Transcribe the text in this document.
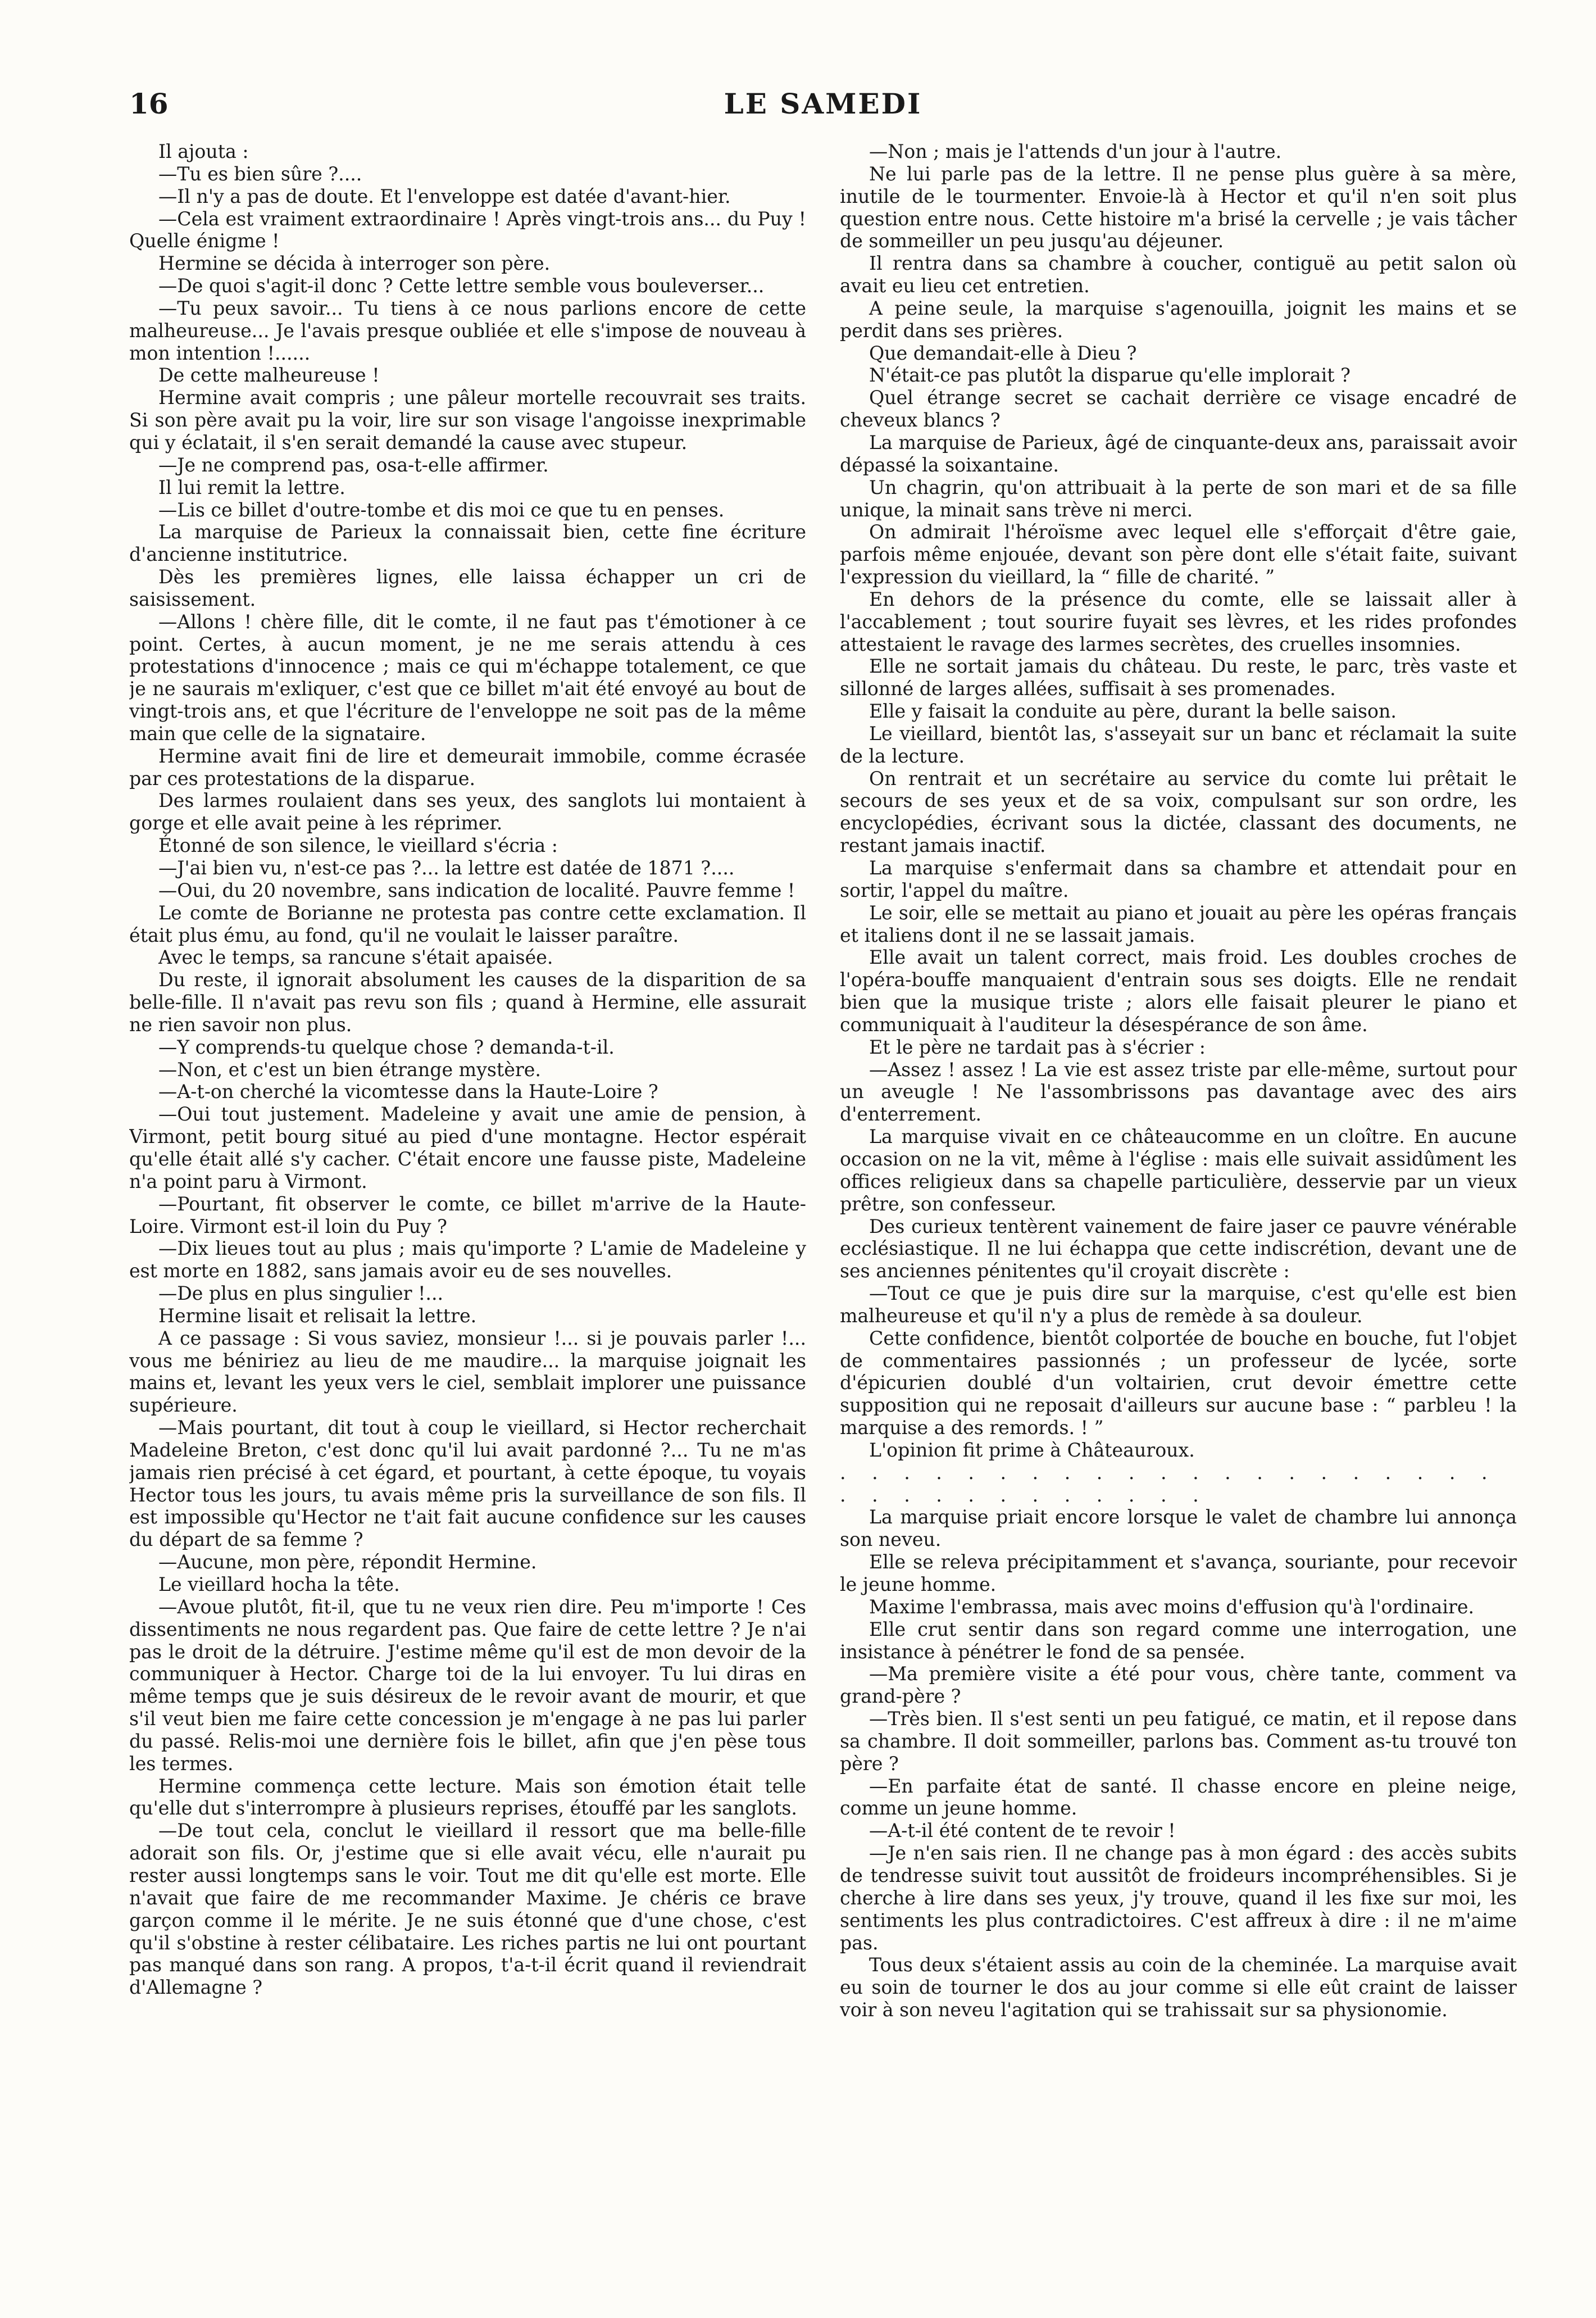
16	LE SAMEDI

Il ajouta :

—Tu es bien sûre ?....

—Il n'y a pas de doute. Et l'enveloppe est datée d'avant-hier.

—Cela est vraiment extraordinaire ! Après vingt-trois ans... du Puy ! Quelle énigme !

Hermine se décida à interroger son père.

—De quoi s'agit-il donc ? Cette lettre semble vous bouleverser...

—Tu peux savoir... Tu tiens à ce nous parlions encore de cette malheureuse... Je l'avais presque oubliée et elle s'impose de nouveau à mon intention !......

De cette malheureuse !

Hermine avait compris ; une pâleur mortelle recouvrait ses traits. Si son père avait pu la voir, lire sur son visage l'angoisse inexprimable qui y éclatait, il s'en serait demandé la cause avec stupeur.

—Je ne comprend pas, osa-t-elle affirmer.

Il lui remit la lettre.

—Lis ce billet d'outre-tombe et dis moi ce que tu en penses.

La marquise de Parieux la connaissait bien, cette fine écriture d'ancienne institutrice.

Dès les premières lignes, elle laissa échapper un cri de saisissement.

—Allons ! chère fille, dit le comte, il ne faut pas t'émotioner à ce point. Certes, à aucun moment, je ne me serais attendu à ces protestations d'innocence ; mais ce qui m'échappe totalement, ce que je ne saurais m'exliquer, c'est que ce billet m'ait été envoyé au bout de vingt-trois ans, et que l'écriture de l'enveloppe ne soit pas de la même main que celle de la signataire.

Hermine avait fini de lire et demeurait immobile, comme écrasée par ces protestations de la disparue.

Des larmes roulaient dans ses yeux, des sanglots lui montaient à gorge et elle avait peine à les réprimer.

Étonné de son silence, le vieillard s'écria :

—J'ai bien vu, n'est-ce pas ?... la lettre est datée de 1871 ?....

—Oui, du 20 novembre, sans indication de localité. Pauvre femme !

Le comte de Borianne ne protesta pas contre cette exclamation. Il était plus ému, au fond, qu'il ne voulait le laisser paraître.

Avec le temps, sa rancune s'était apaisée.

Du reste, il ignorait absolument les causes de la disparition de sa belle-fille. Il n'avait pas revu son fils ; quand à Hermine, elle assurait ne rien savoir non plus.

—Y comprends-tu quelque chose ? demanda-t-il.

—Non, et c'est un bien étrange mystère.

—A-t-on cherché la vicomtesse dans la Haute-Loire ?

—Oui tout justement. Madeleine y avait une amie de pension, à Virmont, petit bourg situé au pied d'une montagne. Hector espérait qu'elle était allé s'y cacher. C'était encore une fausse piste, Madeleine n'a point paru à Virmont.

—Pourtant, fit observer le comte, ce billet m'arrive de la Haute-Loire. Virmont est-il loin du Puy ?

—Dix lieues tout au plus ; mais qu'importe ? L'amie de Madeleine y est morte en 1882, sans jamais avoir eu de ses nouvelles.

—De plus en plus singulier !...

Hermine lisait et relisait la lettre.

A ce passage : Si vous saviez, monsieur !... si je pouvais parler !... vous me béniriez au lieu de me maudire... la marquise joignait les mains et, levant les yeux vers le ciel, semblait implorer une puissance supérieure.

—Mais pourtant, dit tout à coup le vieillard, si Hector recherchait Madeleine Breton, c'est donc qu'il lui avait pardonné ?... Tu ne m'as jamais rien précisé à cet égard, et pourtant, à cette époque, tu voyais Hector tous les jours, tu avais même pris la surveillance de son fils. Il est impossible qu'Hector ne t'ait fait aucune confidence sur les causes du départ de sa femme ?

—Aucune, mon père, répondit Hermine.

Le vieillard hocha la tête.

—Avoue plutôt, fit-il, que tu ne veux rien dire. Peu m'importe ! Ces dissentiments ne nous regardent pas. Que faire de cette lettre ? Je n'ai pas le droit de la détruire. J'estime même qu'il est de mon devoir de la communiquer à Hector. Charge toi de la lui envoyer. Tu lui diras en même temps que je suis désireux de le revoir avant de mourir, et que s'il veut bien me faire cette concession je m'engage à ne pas lui parler du passé. Relis-moi une dernière fois le billet, afin que j'en pèse tous les termes.

Hermine commença cette lecture. Mais son émotion était telle qu'elle dut s'interrompre à plusieurs reprises, étouffé par les sanglots.

—De tout cela, conclut le vieillard il ressort que ma belle-fille adorait son fils. Or, j'estime que si elle avait vécu, elle n'aurait pu rester aussi longtemps sans le voir. Tout me dit qu'elle est morte. Elle n'avait que faire de me recommander Maxime. Je chéris ce brave garçon comme il le mérite. Je ne suis étonné que d'une chose, c'est qu'il s'obstine à rester célibataire. Les riches partis ne lui ont pourtant pas manqué dans son rang. A propos, t'a-t-il écrit quand il reviendrait d'Allemagne ?

—Non ; mais je l'attends d'un jour à l'autre.

Ne lui parle pas de la lettre. Il ne pense plus guère à sa mère, inutile de le tourmenter. Envoie-là à Hector et qu'il n'en soit plus question entre nous. Cette histoire m'a brisé la cervelle ; je vais tâcher de sommeiller un peu jusqu'au déjeuner.

Il rentra dans sa chambre à coucher, contiguë au petit salon où avait eu lieu cet entretien.

A peine seule, la marquise s'agenouilla, joignit les mains et se perdit dans ses prières.

Que demandait-elle à Dieu ?

N'était-ce pas plutôt la disparue qu'elle implorait ?

Quel étrange secret se cachait derrière ce visage encadré de cheveux blancs ?

La marquise de Parieux, âgé de cinquante-deux ans, paraissait avoir dépassé la soixantaine.

Un chagrin, qu'on attribuait à la perte de son mari et de sa fille unique, la minait sans trève ni merci.

On admirait l'héroïsme avec lequel elle s'efforçait d'être gaie, parfois même enjouée, devant son père dont elle s'était faite, suivant l'expression du vieillard, la “ fille de charité. ”

En dehors de la présence du comte, elle se laissait aller à l'accablement ; tout sourire fuyait ses lèvres, et les rides profondes attestaient le ravage des larmes secrètes, des cruelles insomnies.

Elle ne sortait jamais du château. Du reste, le parc, très vaste et sillonné de larges allées, suffisait à ses promenades.

Elle y faisait la conduite au père, durant la belle saison.

Le vieillard, bientôt las, s'asseyait sur un banc et réclamait la suite de la lecture.

On rentrait et un secrétaire au service du comte lui prêtait le secours de ses yeux et de sa voix, compulsant sur son ordre, les encyclopédies, écrivant sous la dictée, classant des documents, ne restant jamais inactif.

La marquise s'enfermait dans sa chambre et attendait pour en sortir, l'appel du maître.

Le soir, elle se mettait au piano et jouait au père les opéras français et italiens dont il ne se lassait jamais.

Elle avait un talent correct, mais froid. Les doubles croches de l'opéra-bouffe manquaient d'entrain sous ses doigts. Elle ne rendait bien que la musique triste ; alors elle faisait pleurer le piano et communiquait à l'auditeur la désespérance de son âme.

Et le père ne tardait pas à s'écrier :

—Assez ! assez ! La vie est assez triste par elle-même, surtout pour un aveugle ! Ne l'assombrissons pas davantage avec des airs d'enterrement.

La marquise vivait en ce châteaucomme en un cloître. En aucune occasion on ne la vit, même à l'église : mais elle suivait assidûment les offices religieux dans sa chapelle particulière, desservie par un vieux prêtre, son confesseur.

Des curieux tentèrent vainement de faire jaser ce pauvre vénérable ecclésiastique. Il ne lui échappa que cette indiscrétion, devant une de ses anciennes pénitentes qu'il croyait discrète :

—Tout ce que je puis dire sur la marquise, c'est qu'elle est bien malheureuse et qu'il n'y a plus de remède à sa douleur.

Cette confidence, bientôt colportée de bouche en bouche, fut l'objet de commentaires passionnés ; un professeur de lycée, sorte d'épicurien doublé d'un voltairien, crut devoir émettre cette supposition qui ne reposait d'ailleurs sur aucune base : “ parbleu ! la marquise a des remords. ! ”

L'opinion fit prime à Châteauroux.

. . . . . . . . . . . . . . . . . . . . . . . . . . . . . . . . .

La marquise priait encore lorsque le valet de chambre lui annonça son neveu.

Elle se releva précipitamment et s'avança, souriante, pour recevoir le jeune homme.

Maxime l'embrassa, mais avec moins d'effusion qu'à l'ordinaire.

Elle crut sentir dans son regard comme une interrogation, une insistance à pénétrer le fond de sa pensée.

—Ma première visite a été pour vous, chère tante, comment va grand-père ?

—Très bien. Il s'est senti un peu fatigué, ce matin, et il repose dans sa chambre. Il doit sommeiller, parlons bas. Comment as-tu trouvé ton père ?

—En parfaite état de santé. Il chasse encore en pleine neige, comme un jeune homme.

—A-t-il été content de te revoir !

—Je n'en sais rien. Il ne change pas à mon égard : des accès subits de tendresse suivit tout aussitôt de froideurs incompréhensibles. Si je cherche à lire dans ses yeux, j'y trouve, quand il les fixe sur moi, les sentiments les plus contradictoires. C'est affreux à dire : il ne m'aime pas.

Tous deux s'étaient assis au coin de la cheminée. La marquise avait eu soin de tourner le dos au jour comme si elle eût craint de laisser voir à son neveu l'agitation qui se trahissait sur sa physionomie.
